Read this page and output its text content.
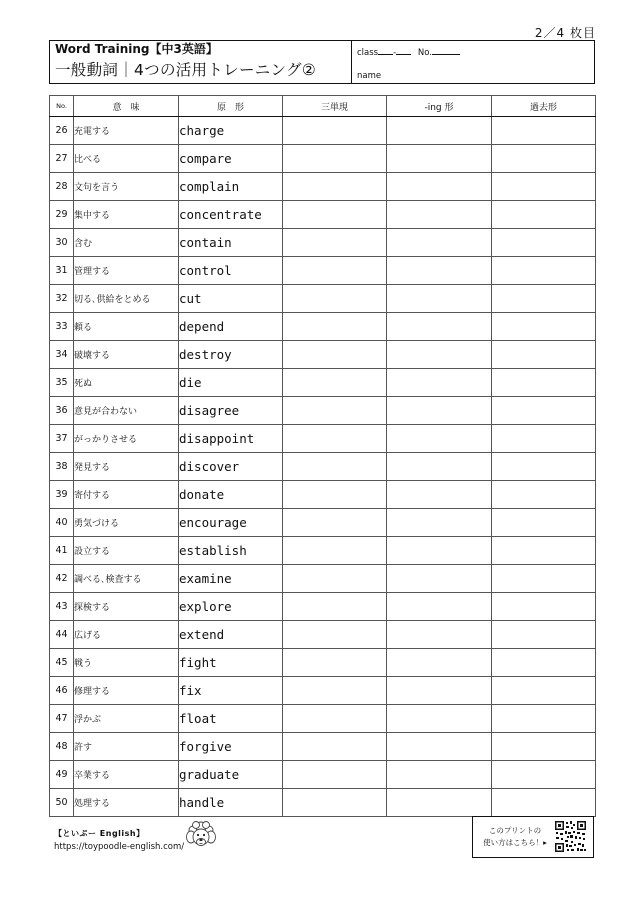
2／4 枚目
Word Training【中3英語】
一般動詞｜4つの活用トレーニング②
class -	No.
name
No.	意　味	原　形	三単現	-ing 形	過去形
26	充電する	charge			
27	比べる	compare			
28	文句を言う	complain			
29	集中する	concentrate			
30	含む	contain			
31	管理する	control			
32	切る､供給をとめる	cut			
33	頼る	depend			
34	破壊する	destroy			
35	死ぬ	die			
36	意見が合わない	disagree			
37	がっかりさせる	disappoint			
38	発見する	discover			
39	寄付する	donate			
40	勇気づける	encourage			
41	設立する	establish			
42	調べる､検査する	examine			
43	探検する	explore			
44	広げる	extend			
45	戦う	fight			
46	修理する	fix			
47	浮かぶ	float			
48	許す	forgive			
49	卒業する	graduate			
50	処理する	handle			
【といぷー English】
https://toypoodle-english.com/
このプリントの
使い方はこちら！▸
